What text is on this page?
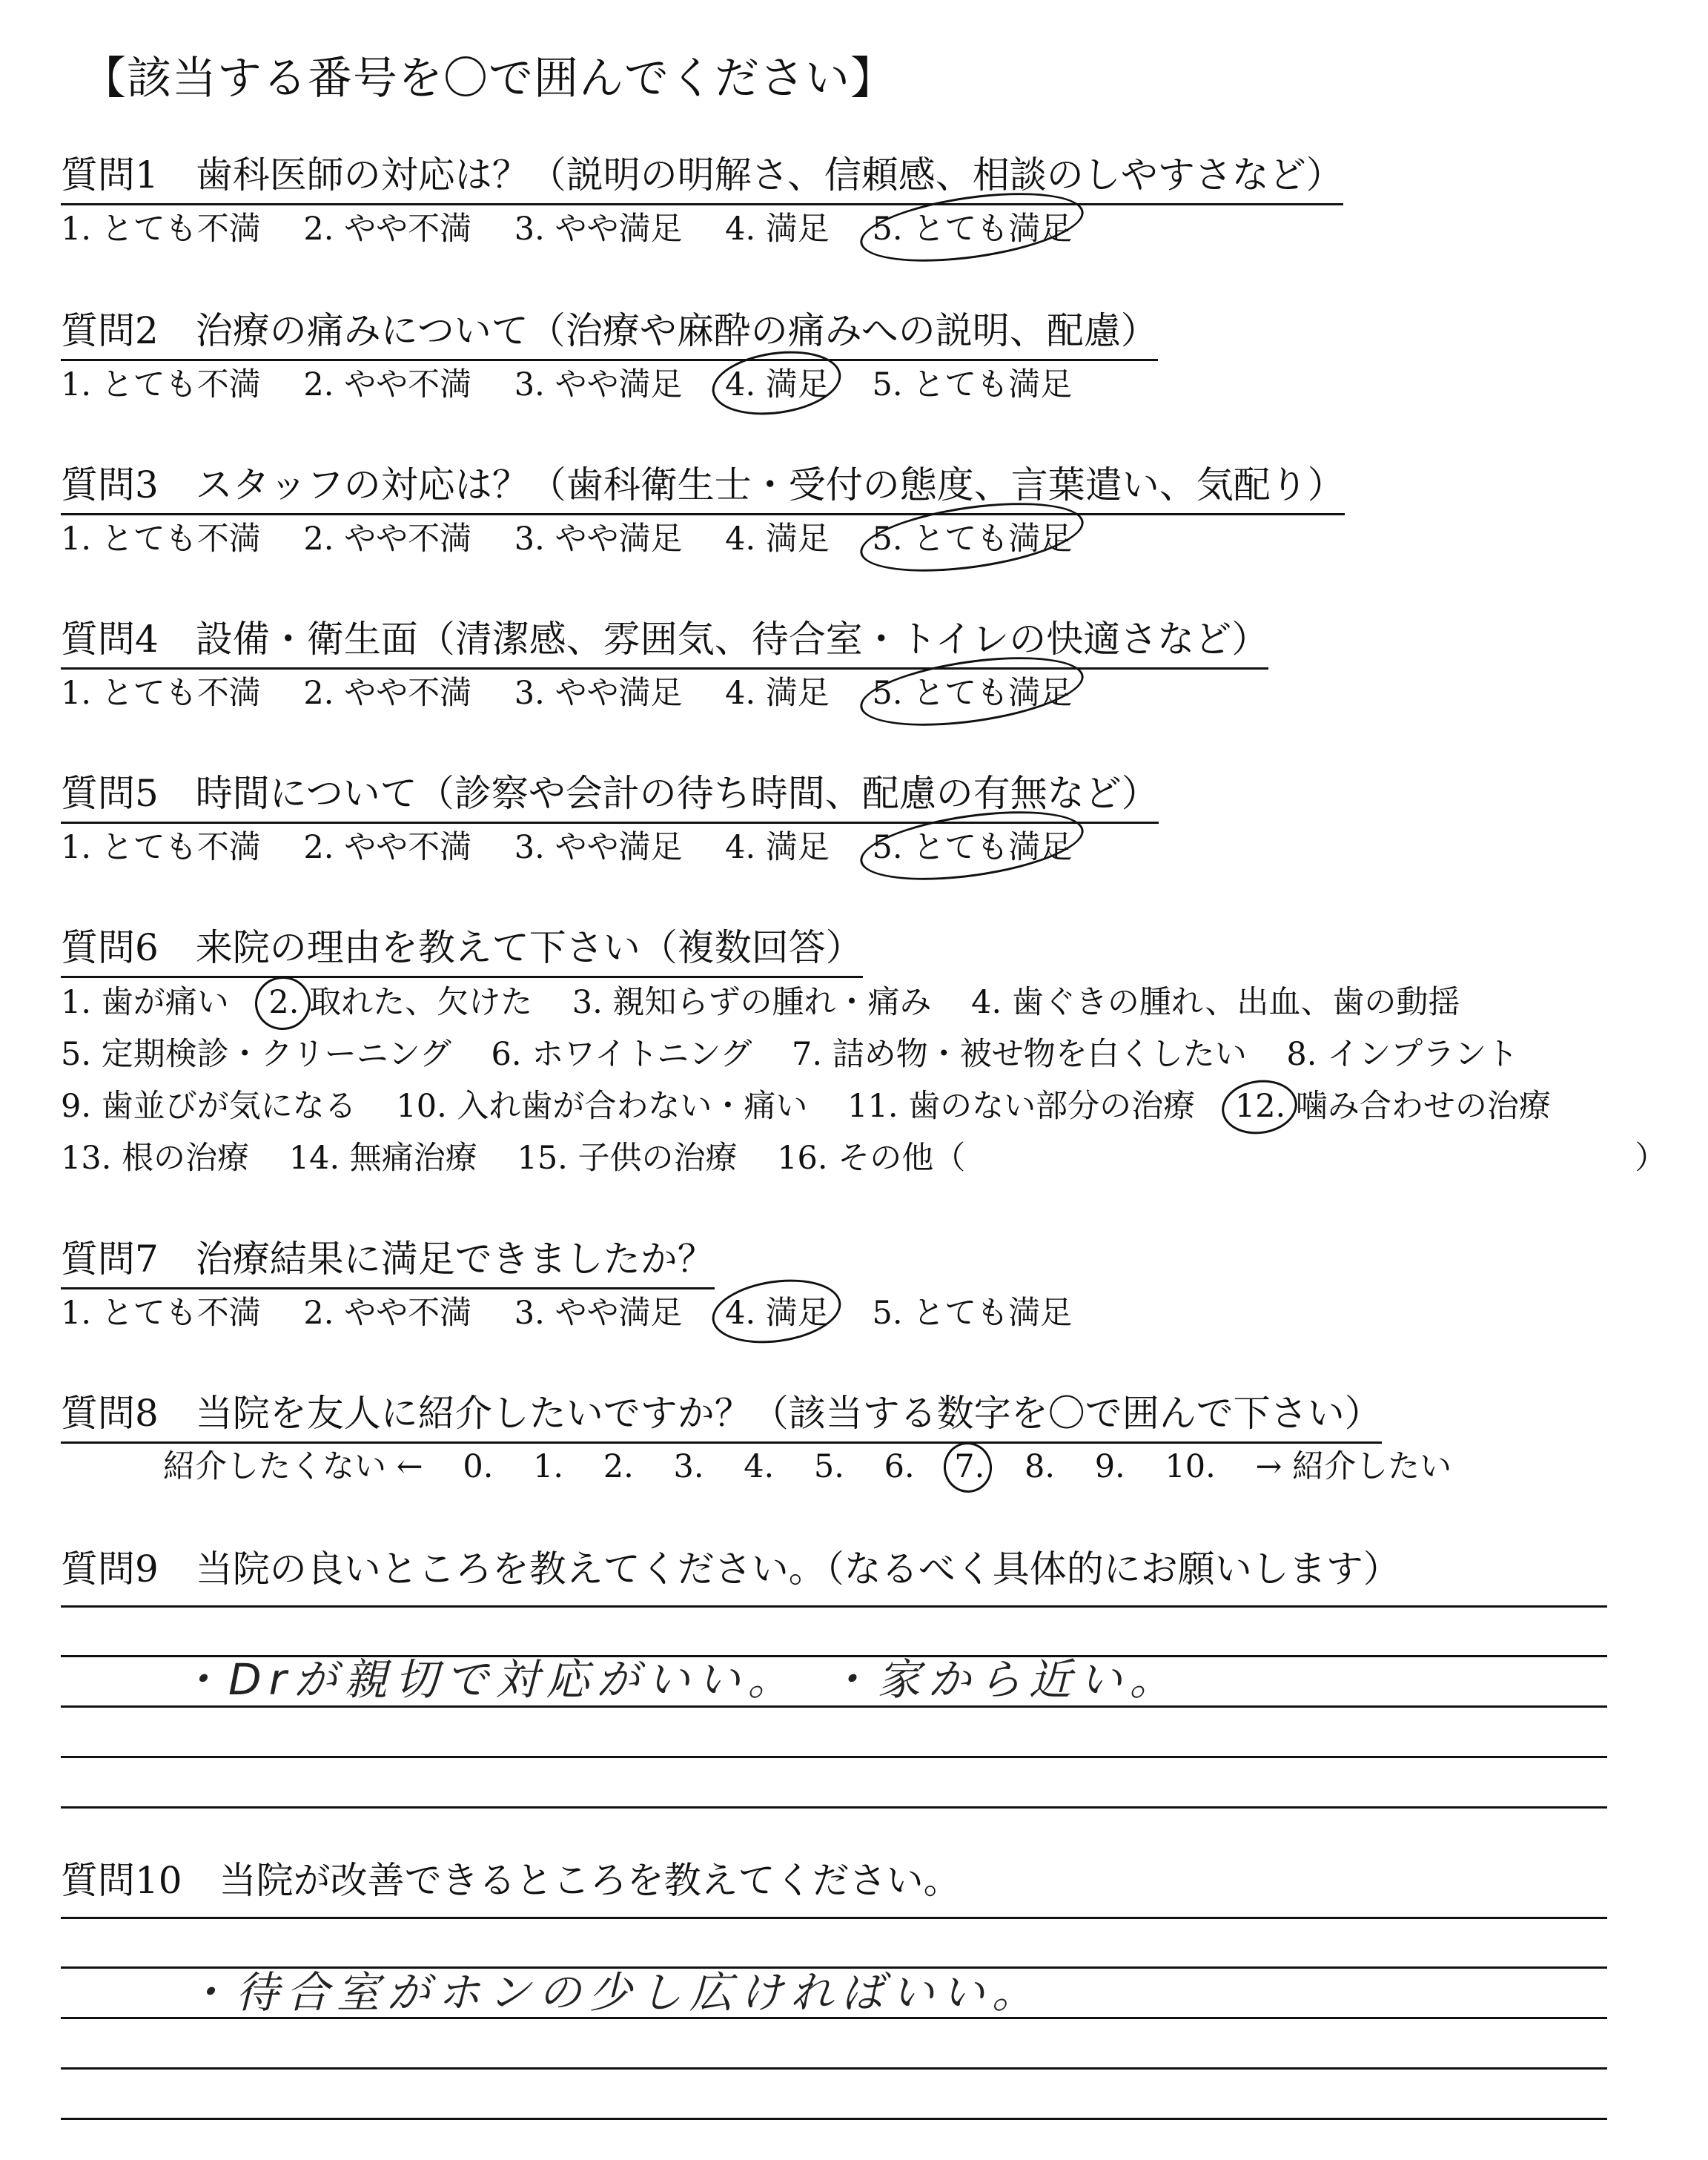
【該当する番号を〇で囲んでください】
質問1　歯科医師の対応は？（説明の明解さ、信頼感、相談のしやすさなど）
1. とても不満 2. やや不満 3. やや満足 4. 満足 5. とても満足
質問2　治療の痛みについて（治療や麻酔の痛みへの説明、配慮）
1. とても不満 2. やや不満 3. やや満足 4. 満足 5. とても満足
質問3　スタッフの対応は？（歯科衛生士・受付の態度、言葉遣い、気配り）
1. とても不満 2. やや不満 3. やや満足 4. 満足 5. とても満足
質問4　設備・衛生面（清潔感、雰囲気、待合室・トイレの快適さなど）
1. とても不満 2. やや不満 3. やや満足 4. 満足 5. とても満足
質問5　時間について（診察や会計の待ち時間、配慮の有無など）
1. とても不満 2. やや不満 3. やや満足 4. 満足 5. とても満足
質問6　来院の理由を教えて下さい（複数回答）
1. 歯が痛い 2. 取れた、欠けた 3. 親知らずの腫れ・痛み 4. 歯ぐきの腫れ、出血、歯の動揺
5. 定期検診・クリーニング 6. ホワイトニング 7. 詰め物・被せ物を白くしたい 8. インプラント
9. 歯並びが気になる 10. 入れ歯が合わない・痛い 11. 歯のない部分の治療 12. 噛み合わせの治療
13. 根の治療 14. 無痛治療 15. 子供の治療 16. その他（　　　　　　　　　　　　　　　　　　　　　）
質問7　治療結果に満足できましたか？
1. とても不満 2. やや不満 3. やや満足 4. 満足 5. とても満足
質問8　当院を友人に紹介したいですか？（該当する数字を〇で囲んで下さい）
紹介したくない ← 0. 1. 2. 3. 4. 5. 6. 7. 8. 9. 10. → 紹介したい
質問9　当院の良いところを教えてください。（なるべく具体的にお願いします）
・Drが親切で対応がいい。　・家から近い。
質問10　当院が改善できるところを教えてください。
・待合室がホンの少し広ければいい。
